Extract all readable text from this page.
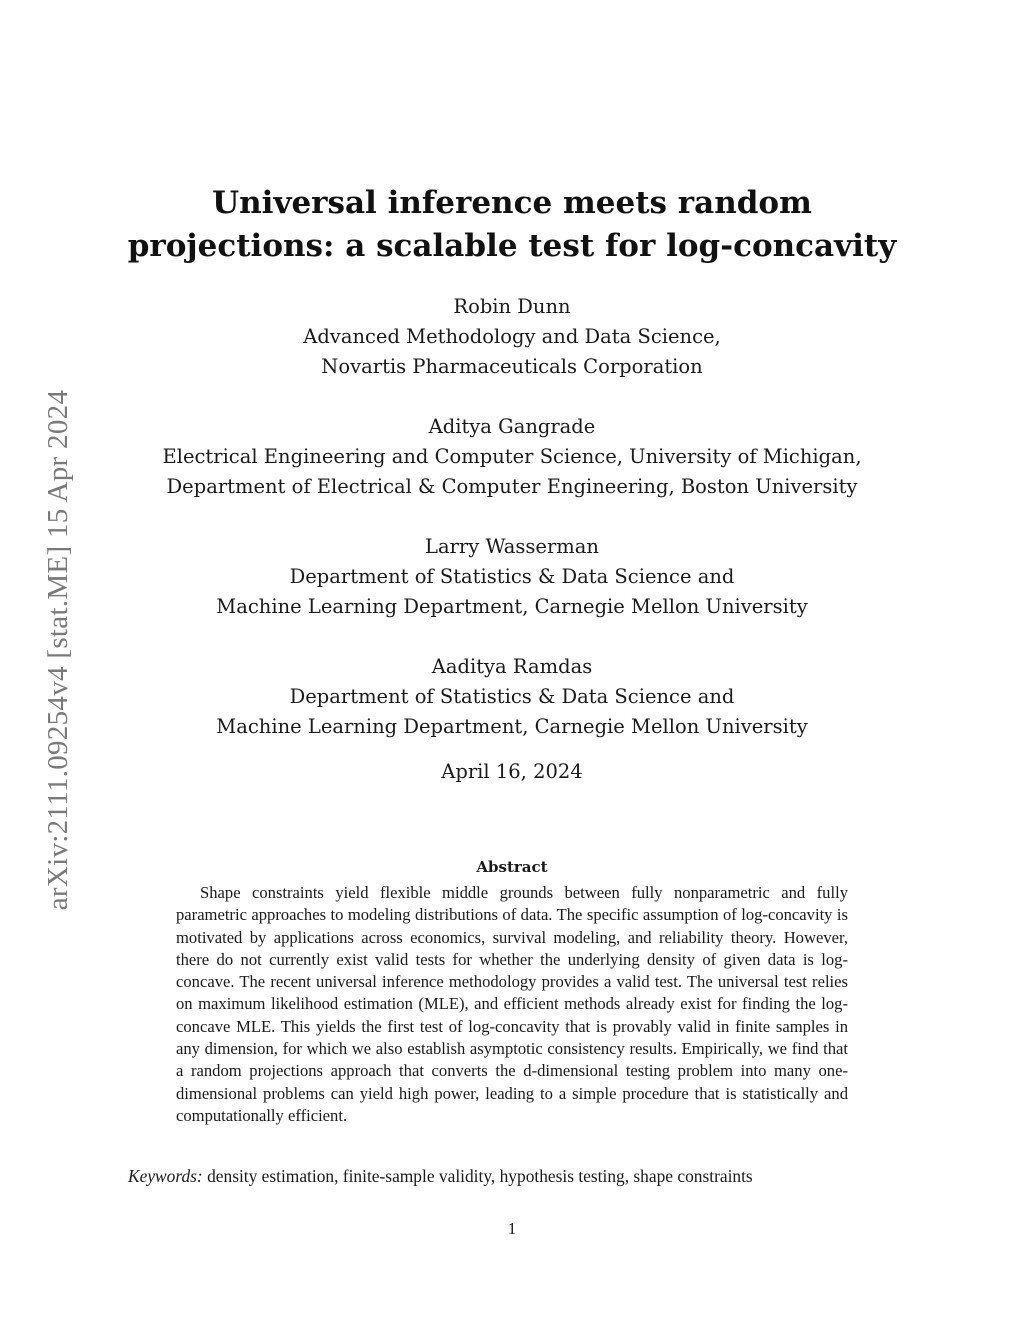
arXiv:2111.09254v4 [stat.ME] 15 Apr 2024
Universal inference meets random
projections: a scalable test for log-concavity
Robin Dunn
Advanced Methodology and Data Science,
Novartis Pharmaceuticals Corporation
Aditya Gangrade
Electrical Engineering and Computer Science, University of Michigan,
Department of Electrical & Computer Engineering, Boston University
Larry Wasserman
Department of Statistics & Data Science and
Machine Learning Department, Carnegie Mellon University
Aaditya Ramdas
Department of Statistics & Data Science and
Machine Learning Department, Carnegie Mellon University
April 16, 2024
Abstract

Shape constraints yield flexible middle grounds between fully nonparametric and fully parametric approaches to modeling distributions of data. The specific assumption of log-concavity is motivated by applications across economics, survival modeling, and reliability theory. However, there do not currently exist valid tests for whether the underlying density of given data is log-concave. The recent universal inference methodology provides a valid test. The universal test relies on maximum likelihood estimation (MLE), and efficient methods already exist for finding the log-concave MLE. This yields the first test of log-concavity that is provably valid in finite samples in any dimension, for which we also establish asymptotic consistency results. Empirically, we find that a random projections approach that converts the d-dimensional testing problem into many one-dimensional problems can yield high power, leading to a simple procedure that is statistically and computationally efficient.

Keywords: density estimation, finite-sample validity, hypothesis testing, shape constraints
1
